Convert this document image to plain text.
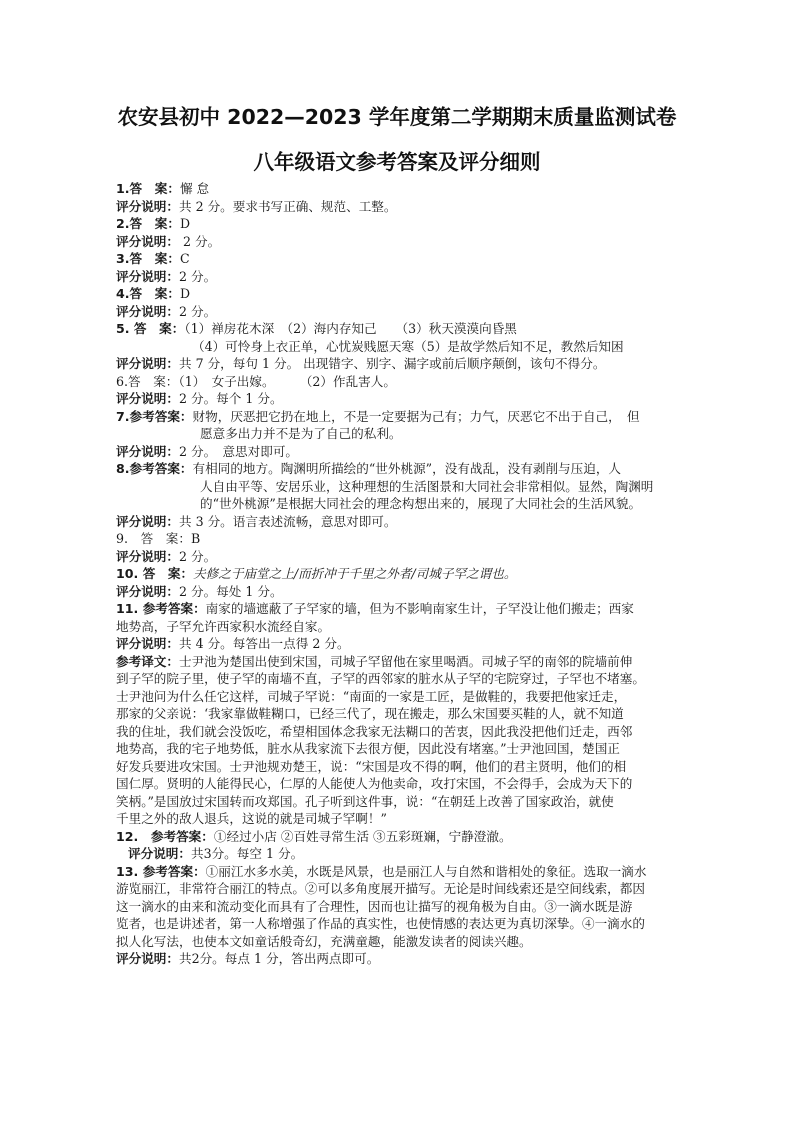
农安县初中 2022—2023 学年度第二学期期末质量监测试卷
八年级语文参考答案及评分细则
1.答　案：懈 怠
评分说明：共 2 分。要求书写正确、规范、工整。
2.答　案：D
评分说明： 2 分。
3.答　案：C
评分说明：2 分。
4.答　案：D
评分说明：2 分。
5. 答　案：（1）禅房花木深　（2）海内存知己　　（3）秋天漠漠向昏黑
（4）可怜身上衣正单，心忧炭贱愿天寒（5）是故学然后知不足，教然后知困
评分说明：共 7 分，每句 1 分。 出现错字、别字、漏字或前后顺序颠倒，该句不得分。
6.答　案：（1）　女子出嫁。　　　（2）作乱害人。
评分说明：2 分。每个 1 分。
7.参考答案：财物，厌恶把它扔在地上，不是一定要据为己有；力气，厌恶它不出于自己，　但
愿意多出力并不是为了自己的私利。
评分说明：2 分。　意思对即可。
8.参考答案：有相同的地方。陶渊明所描绘的“世外桃源”，没有战乱，没有剥削与压迫，人
人自由平等、安居乐业，这种理想的生活图景和大同社会非常相似。显然，陶渊明
的“世外桃源”是根据大同社会的理念构想出来的，展现了大同社会的生活风貌。
评分说明：共 3 分。语言表述流畅，意思对即可。
9.　答　案：B
评分说明：2 分。
10. 答　案：夫修之于庙堂之上/而折冲于千里之外者/司城子罕之谓也。
评分说明：2 分。每处 1 分。
11. 参考答案：南家的墙遮蔽了子罕家的墙，但为不影响南家生计，子罕没让他们搬走；西家
地势高，子罕允许西家积水流经自家。
评分说明：共 4 分。每答出一点得 2 分。
参考译文：士尹池为楚国出使到宋国，司城子罕留他在家里喝酒。司城子罕的南邻的院墙前伸
到子罕的院子里，使子罕的南墙不直，子罕的西邻家的脏水从子罕的宅院穿过，子罕也不堵塞。
士尹池问为什么任它这样，司城子罕说：“南面的一家是工匠，是做鞋的，我要把他家迁走，
那家的父亲说：‘我家靠做鞋糊口，已经三代了，现在搬走，那么宋国要买鞋的人，就不知道
我的住址，我们就会没饭吃，希望相国体念我家无法糊口的苦衷，因此我没把他们迁走，西邻
地势高，我的宅子地势低，脏水从我家流下去很方便，因此没有堵塞。”士尹池回国，楚国正
好发兵要进攻宋国。士尹池规劝楚王，说：“宋国是攻不得的啊，他们的君主贤明，他们的相
国仁厚。贤明的人能得民心，仁厚的人能使人为他卖命，攻打宋国，不会得手，会成为天下的
笑柄。”是国放过宋国转而攻郑国。孔子听到这件事，说：“在朝廷上改善了国家政治，就使
千里之外的敌人退兵，这说的就是司城子罕啊！”
12.　参考答案：①经过小店 ②百姓寻常生活 ③五彩斑斓，宁静澄澈。
评分说明：共3分。每空 1 分。
13. 参考答案：①丽江水多水美，水既是风景，也是丽江人与自然和谐相处的象征。选取一滴水
游览丽江，非常符合丽江的特点。②可以多角度展开描写。无论是时间线索还是空间线索，都因
这一滴水的由来和流动变化而具有了合理性，因而也让描写的视角极为自由。③一滴水既是游
览者，也是讲述者，第一人称增强了作品的真实性，也使情感的表达更为真切深挚。④一滴水的
拟人化写法，也使本文如童话般奇幻，充满童趣，能激发读者的阅读兴趣。
评分说明：共2分。每点 1 分，答出两点即可。
